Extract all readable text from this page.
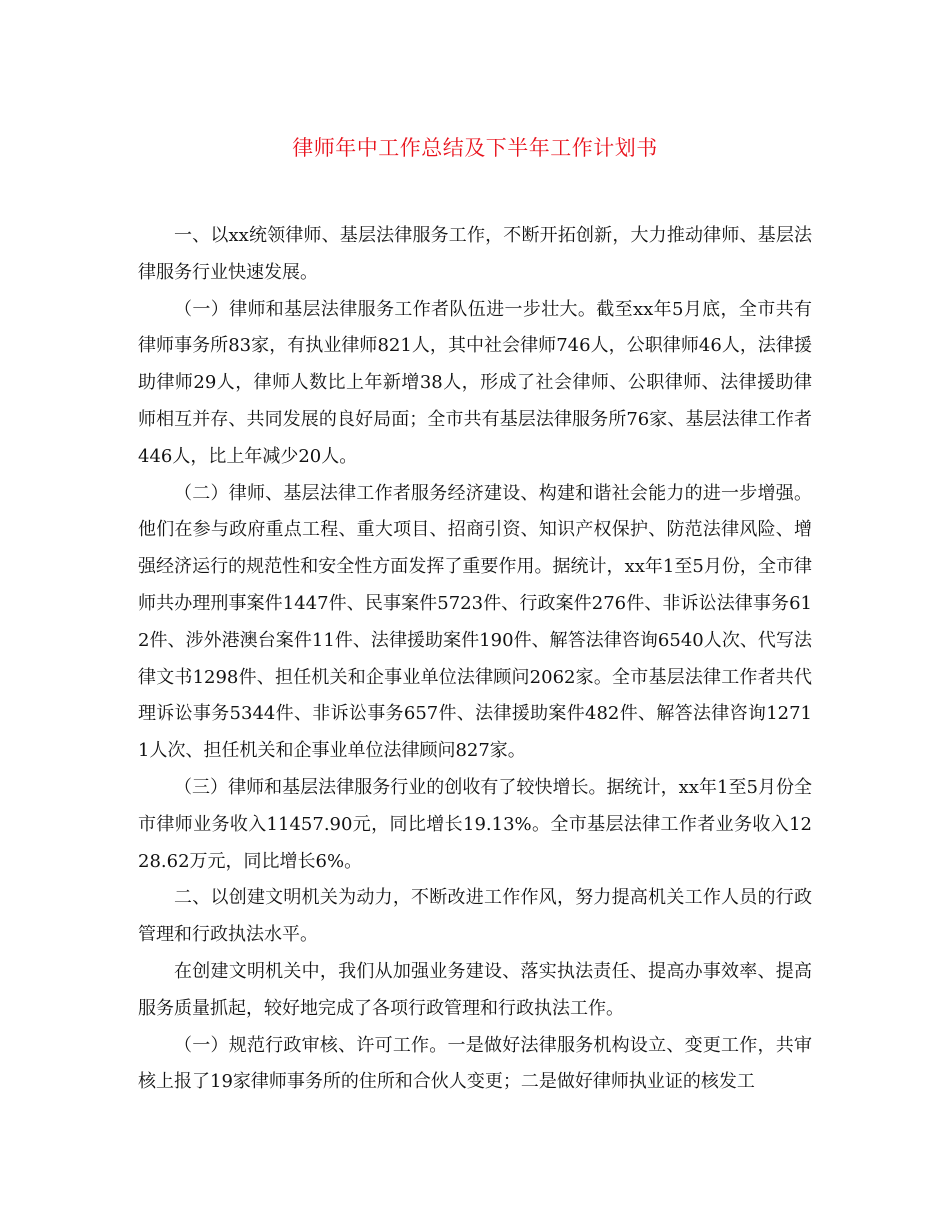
律师年中工作总结及下半年工作计划书

一、以xx统领律师、基层法律服务工作，不断开拓创新，大力推动律师、基层法律服务行业快速发展。

（一）律师和基层法律服务工作者队伍进一步壮大。截至xx年5月底，全市共有律师事务所83家，有执业律师821人，其中社会律师746人，公职律师46人，法律援助律师29人，律师人数比上年新增38人，形成了社会律师、公职律师、法律援助律师相互并存、共同发展的良好局面；全市共有基层法律服务所76家、基层法律工作者446人，比上年减少20人。

（二）律师、基层法律工作者服务经济建设、构建和谐社会能力的进一步增强。他们在参与政府重点工程、重大项目、招商引资、知识产权保护、防范法律风险、增强经济运行的规范性和安全性方面发挥了重要作用。据统计，xx年1至5月份，全市律师共办理刑事案件1447件、民事案件5723件、行政案件276件、非诉讼法律事务612件、涉外港澳台案件11件、法律援助案件190件、解答法律咨询6540人次、代写法律文书1298件、担任机关和企事业单位法律顾问2062家。全市基层法律工作者共代理诉讼事务5344件、非诉讼事务657件、法律援助案件482件、解答法律咨询12711人次、担任机关和企事业单位法律顾问827家。

（三）律师和基层法律服务行业的创收有了较快增长。据统计，xx年1至5月份全市律师业务收入11457.90元，同比增长19.13%。全市基层法律工作者业务收入1228.62万元，同比增长6%。

二、以创建文明机关为动力，不断改进工作作风，努力提高机关工作人员的行政管理和行政执法水平。

在创建文明机关中，我们从加强业务建设、落实执法责任、提高办事效率、提高服务质量抓起，较好地完成了各项行政管理和行政执法工作。

（一）规范行政审核、许可工作。一是做好法律服务机构设立、变更工作，共审核上报了19家律师事务所的住所和合伙人变更；二是做好律师执业证的核发工
